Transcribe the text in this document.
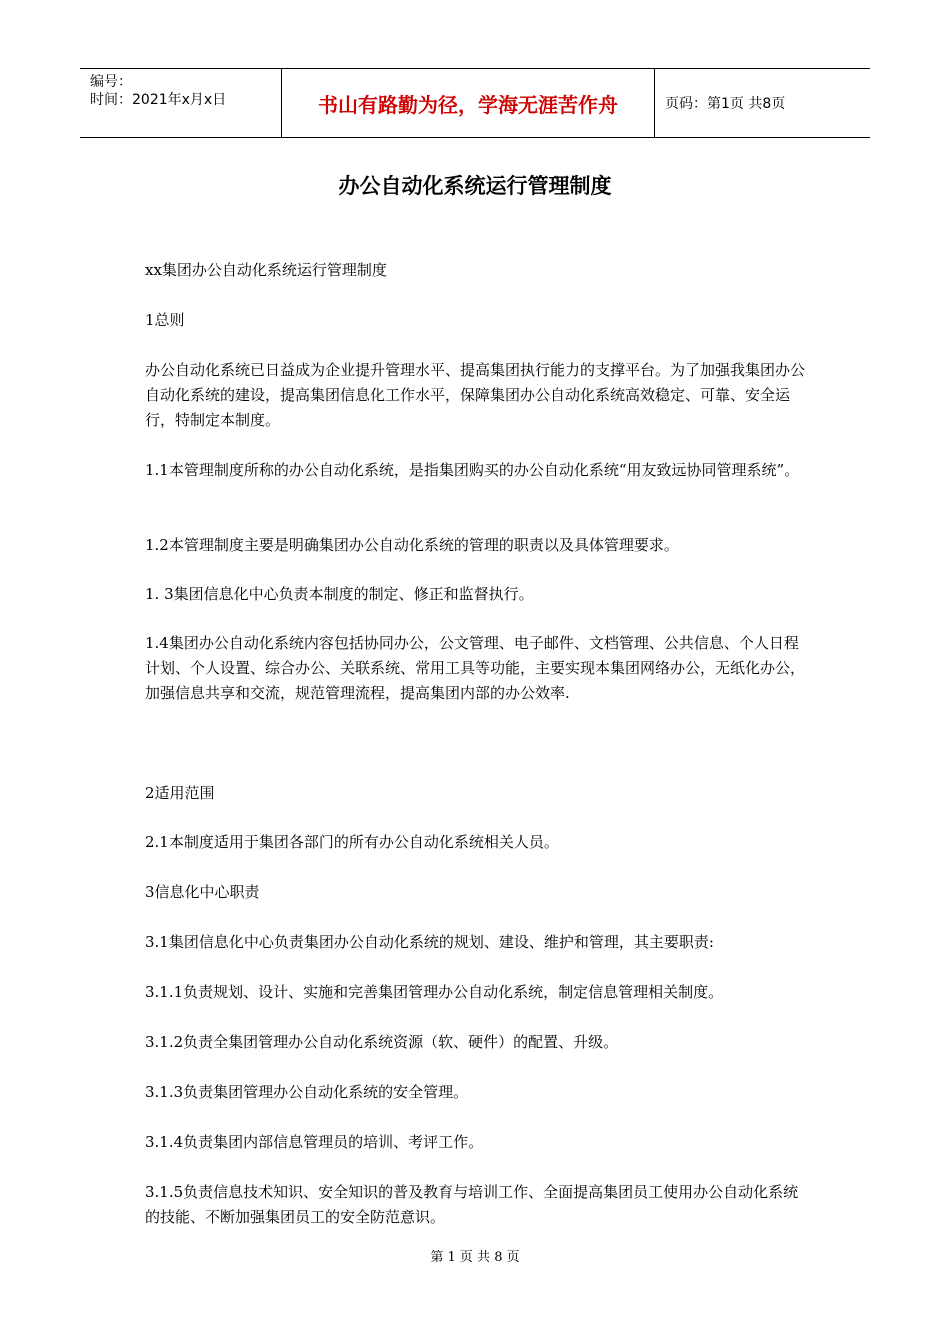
编号：
时间：2021年x月x日	书山有路勤为径，学海无涯苦作舟	页码：第1页 共8页
办公自动化系统运行管理制度
xx集团办公自动化系统运行管理制度
1总则
办公自动化系统已日益成为企业提升管理水平、提高集团执行能力的支撑平台。为了加强我集团办公自动化系统的建设，提高集团信息化工作水平，保障集团办公自动化系统高效稳定、可靠、安全运行，特制定本制度。
1.1本管理制度所称的办公自动化系统，是指集团购买的办公自动化系统“用友致远协同管理系统”。
1.2本管理制度主要是明确集团办公自动化系统的管理的职责以及具体管理要求。
1. 3集团信息化中心负责本制度的制定、修正和监督执行。
1.4集团办公自动化系统内容包括协同办公，公文管理、电子邮件、文档管理、公共信息、个人日程计划、个人设置、综合办公、关联系统、常用工具等功能，主要实现本集团网络办公，无纸化办公，加强信息共享和交流，规范管理流程，提高集团内部的办公效率.
2适用范围
2.1本制度适用于集团各部门的所有办公自动化系统相关人员。
3信息化中心职责
3.1集团信息化中心负责集团办公自动化系统的规划、建设、维护和管理，其主要职责:
3.1.1负责规划、设计、实施和完善集团管理办公自动化系统，制定信息管理相关制度。
3.1.2负责全集团管理办公自动化系统资源（软、硬件）的配置、升级。
3.1.3负责集团管理办公自动化系统的安全管理。
3.1.4负责集团内部信息管理员的培训、考评工作。
3.1.5负责信息技术知识、安全知识的普及教育与培训工作、全面提高集团员工使用办公自动化系统的技能、不断加强集团员工的安全防范意识。
第 1 页 共 8 页
